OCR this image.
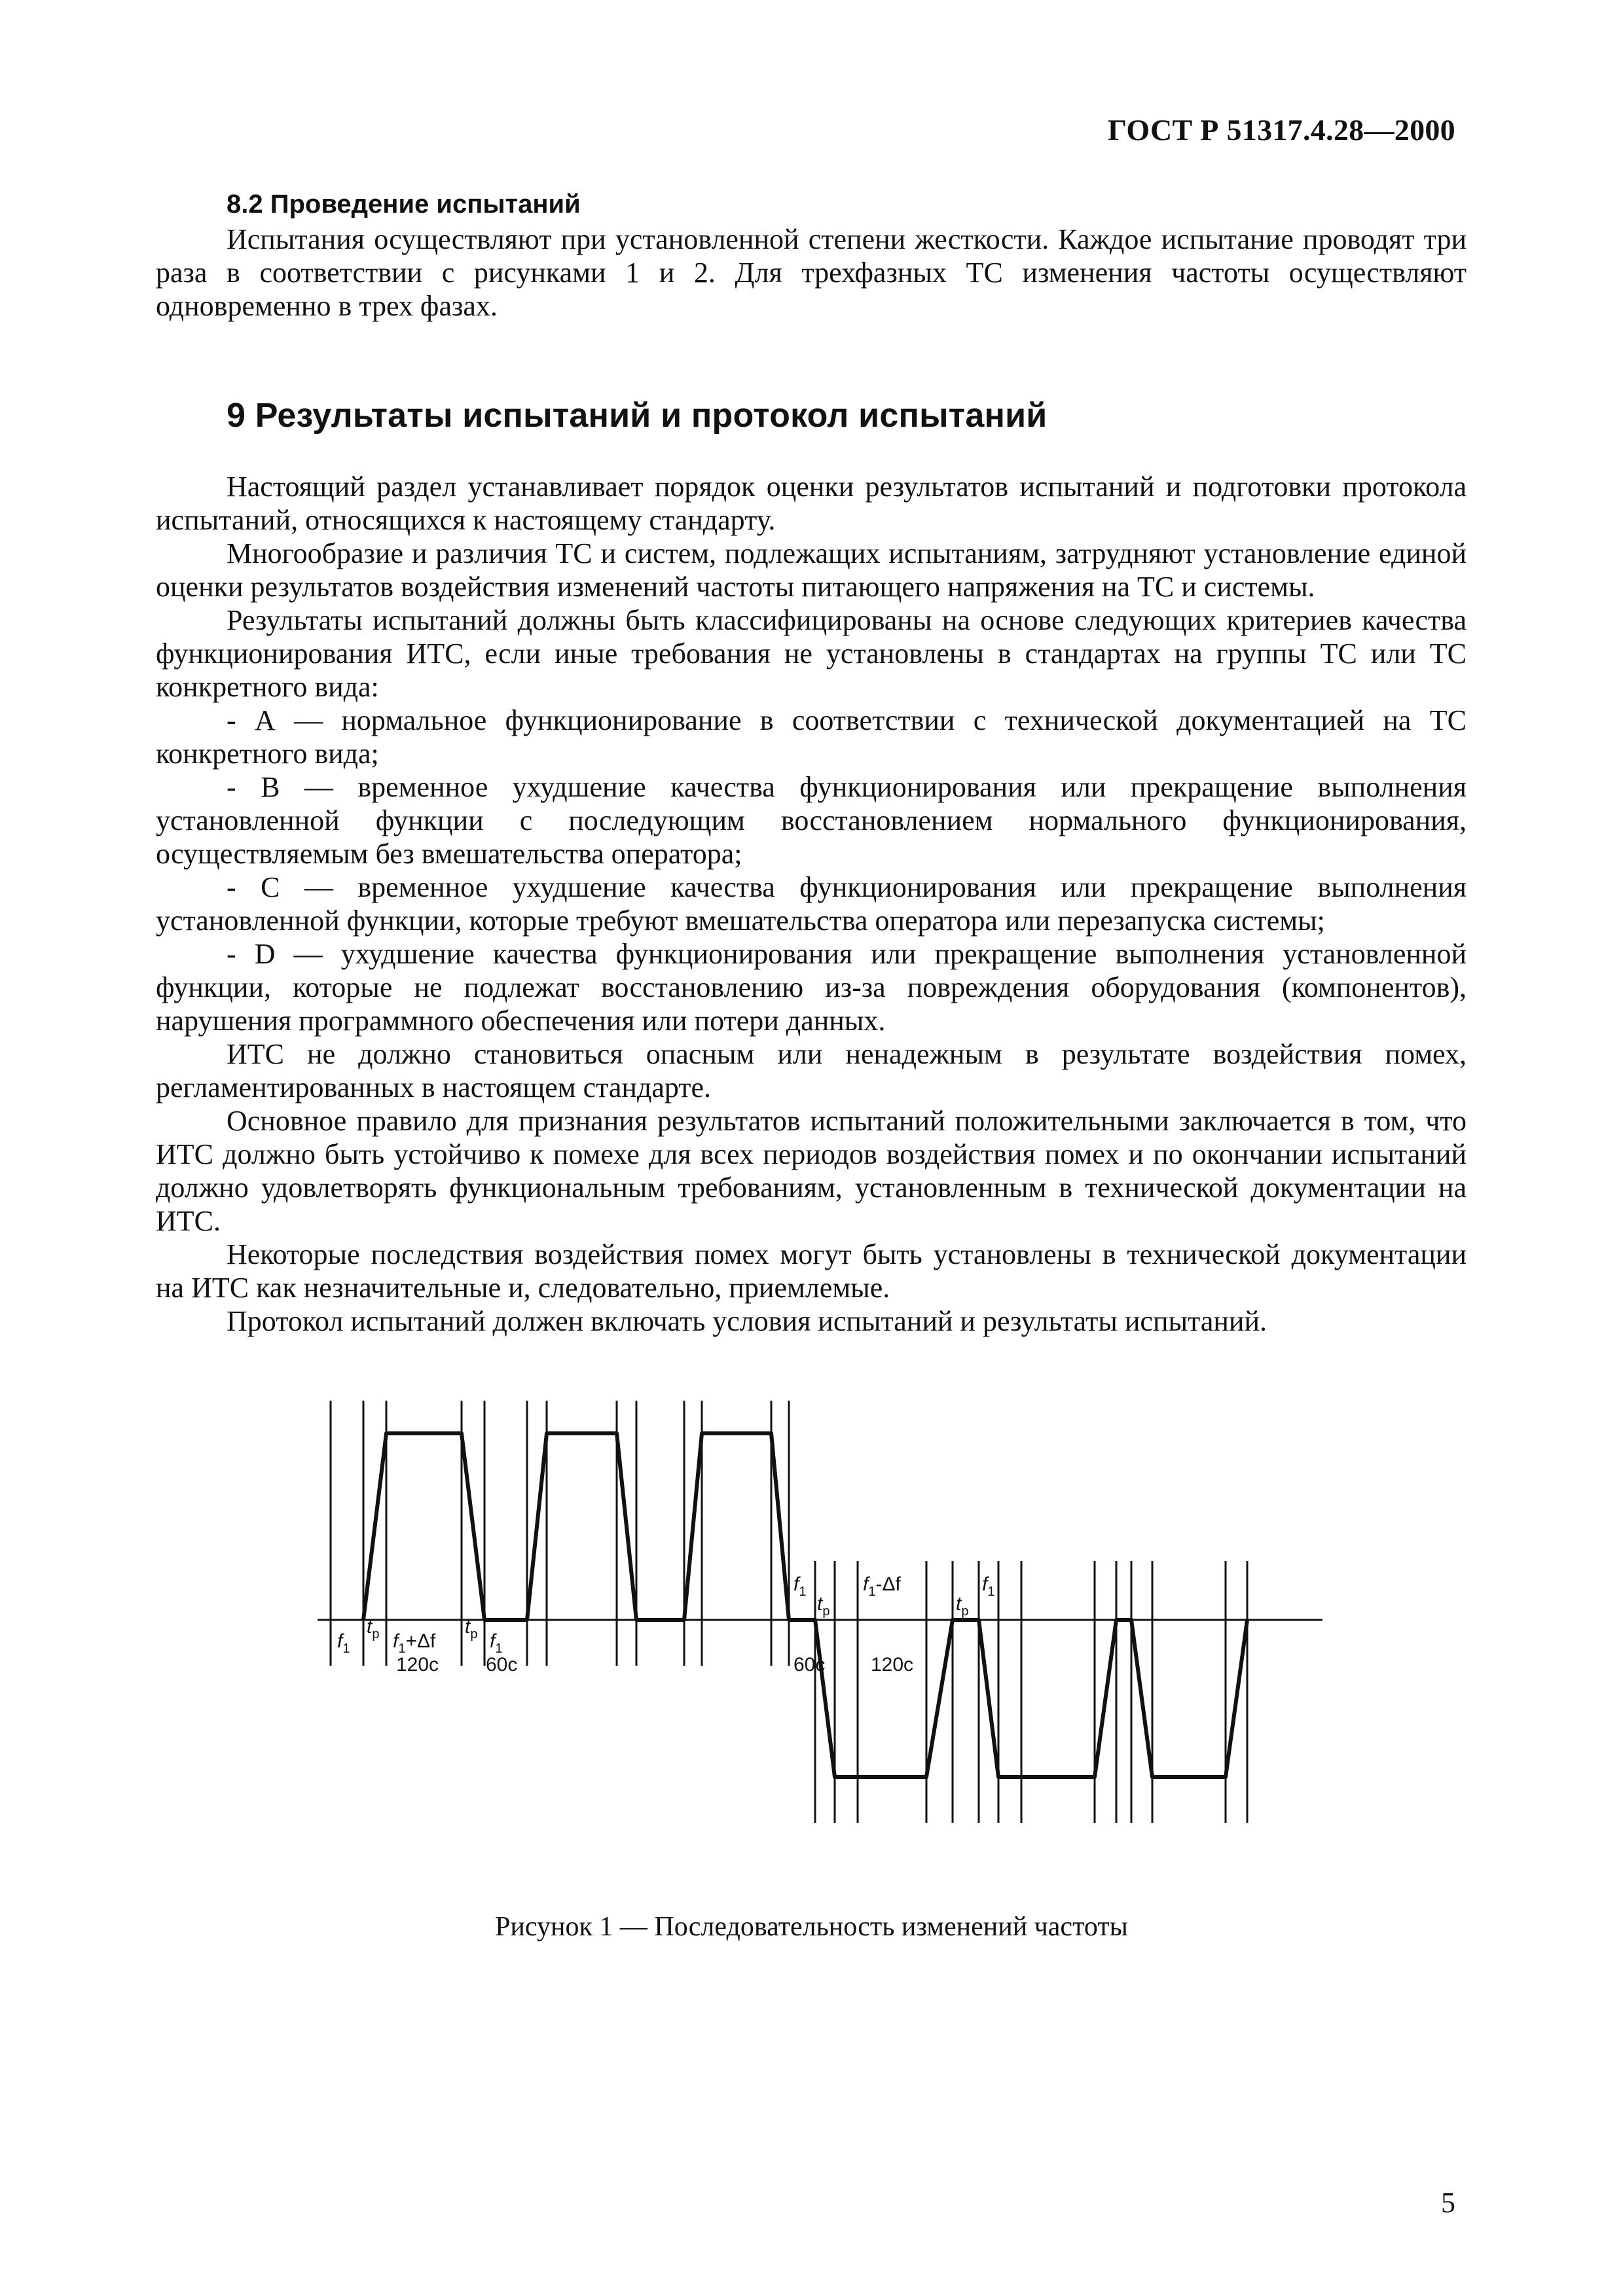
ГОСТ Р 51317.4.28—2000
8.2 Проведение испытаний

Испытания осуществляют при установленной степени жесткости. Каждое испытание проводят три раза в соответствии с рисунками 1 и 2. Для трехфазных ТС изменения частоты осуществляют одновременно в трех фазах.

9 Результаты испытаний и протокол испытаний

Настоящий раздел устанавливает порядок оценки результатов испытаний и подготовки протокола испытаний, относящихся к настоящему стандарту.

Многообразие и различия ТС и систем, подлежащих испытаниям, затрудняют установление единой оценки результатов воздействия изменений частоты питающего напряжения на ТС и системы.

Результаты испытаний должны быть классифицированы на основе следующих критериев качества функционирования ИТС, если иные требования не установлены в стандартах на группы ТС или ТС конкретного вида:

- А — нормальное функционирование в соответствии с технической документацией на ТС конкретного вида;

- В — временное ухудшение качества функционирования или прекращение выполнения установленной функции с последующим восстановлением нормального функционирования, осуществляемым без вмешательства оператора;

- С — временное ухудшение качества функционирования или прекращение выполнения установленной функции, которые требуют вмешательства оператора или перезапуска системы;

- D — ухудшение качества функционирования или прекращение выполнения установленной функции, которые не подлежат восстановлению из-за повреждения оборудования (компонентов), нарушения программного обеспечения или потери данных.

ИТС не должно становиться опасным или ненадежным в результате воздействия помех, регламентированных в настоящем стандарте.

Основное правило для признания результатов испытаний положительными заключается в том, что ИТС должно быть устойчиво к помехе для всех периодов воздействия помех и по окончании испытаний должно удовлетворять функциональным требованиям, установленным в технической документации на ИТС.

Некоторые последствия воздействия помех могут быть установлены в технической документации на ИТС как незначительные и, следовательно, приемлемые.

Протокол испытаний должен включать условия испытаний и результаты испытаний.

$f_1$
$t_р$ $f_1+\Delta f$
120с
$t_р$ $f_1$
60с
$f_1$
60с
$t_р$
$f_1-\Delta f$
120с
$t_р$
$f_1$
Рисунок 1 — Последовательность изменений частоты
5
